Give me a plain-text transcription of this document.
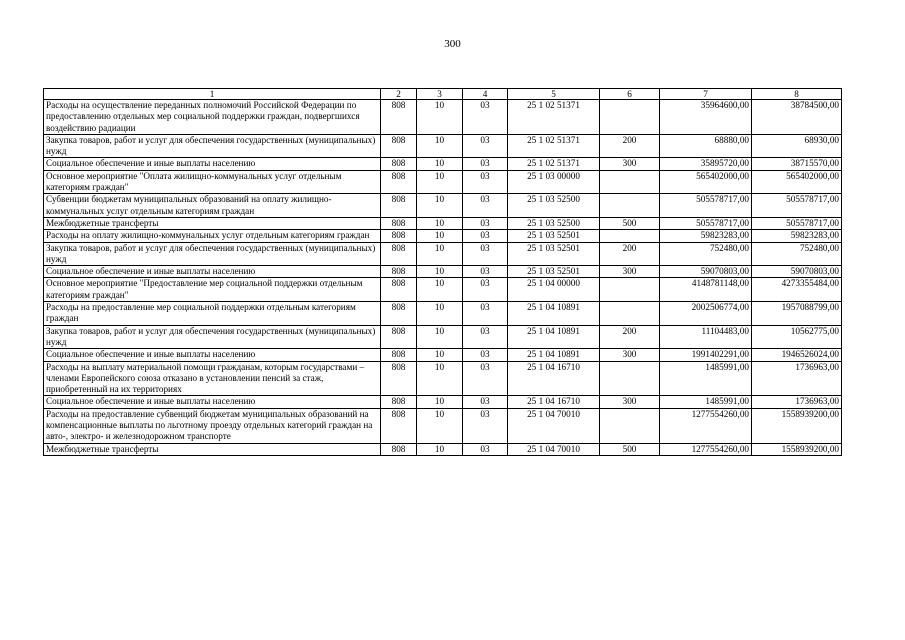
300
1	2	3	4	5	6	7	8
Расходы на осуществление переданных полномочий Российской Федерации по предоставлению отдельных мер социальной поддержки граждан, подвергшихся воздействию радиации	808	10	03	25 1 02 51371		35964600,00	38784500,00
Закупка товаров, работ и услуг для обеспечения государственных (муниципальных) нужд	808	10	03	25 1 02 51371	200	68880,00	68930,00
Социальное обеспечение и иные выплаты населению	808	10	03	25 1 02 51371	300	35895720,00	38715570,00
Основное мероприятие "Оплата жилищно-коммунальных услуг отдельным категориям граждан"	808	10	03	25 1 03 00000		565402000,00	565402000,00
Субвенции бюджетам муниципальных образований на оплату жилищно-коммунальных услуг отдельным категориям граждан	808	10	03	25 1 03 52500		505578717,00	505578717,00
Межбюджетные трансферты	808	10	03	25 1 03 52500	500	505578717,00	505578717,00
Расходы на оплату жилищно-коммунальных услуг отдельным категориям граждан	808	10	03	25 1 03 52501		59823283,00	59823283,00
Закупка товаров, работ и услуг для обеспечения государственных (муниципальных) нужд	808	10	03	25 1 03 52501	200	752480,00	752480,00
Социальное обеспечение и иные выплаты населению	808	10	03	25 1 03 52501	300	59070803,00	59070803,00
Основное мероприятие "Предоставление мер социальной поддержки отдельным категориям граждан"	808	10	03	25 1 04 00000		4148781148,00	4273355484,00
Расходы на предоставление мер социальной поддержки отдельным категориям граждан	808	10	03	25 1 04 10891		2002506774,00	1957088799,00
Закупка товаров, работ и услуг для обеспечения государственных (муниципальных) нужд	808	10	03	25 1 04 10891	200	11104483,00	10562775,00
Социальное обеспечение и иные выплаты населению	808	10	03	25 1 04 10891	300	1991402291,00	1946526024,00
Расходы на выплату материальной помощи гражданам, которым государствами – членами Европейского союза отказано в установлении пенсий за стаж, приобретенный на их территориях	808	10	03	25 1 04 16710		1485991,00	1736963,00
Социальное обеспечение и иные выплаты населению	808	10	03	25 1 04 16710	300	1485991,00	1736963,00
Расходы на предоставление субвенций бюджетам муниципальных образований на компенсационные выплаты по льготному проезду отдельных категорий граждан на авто-, электро- и железнодорожном транспорте	808	10	03	25 1 04 70010		1277554260,00	1558939200,00
Межбюджетные трансферты	808	10	03	25 1 04 70010	500	1277554260,00	1558939200,00
